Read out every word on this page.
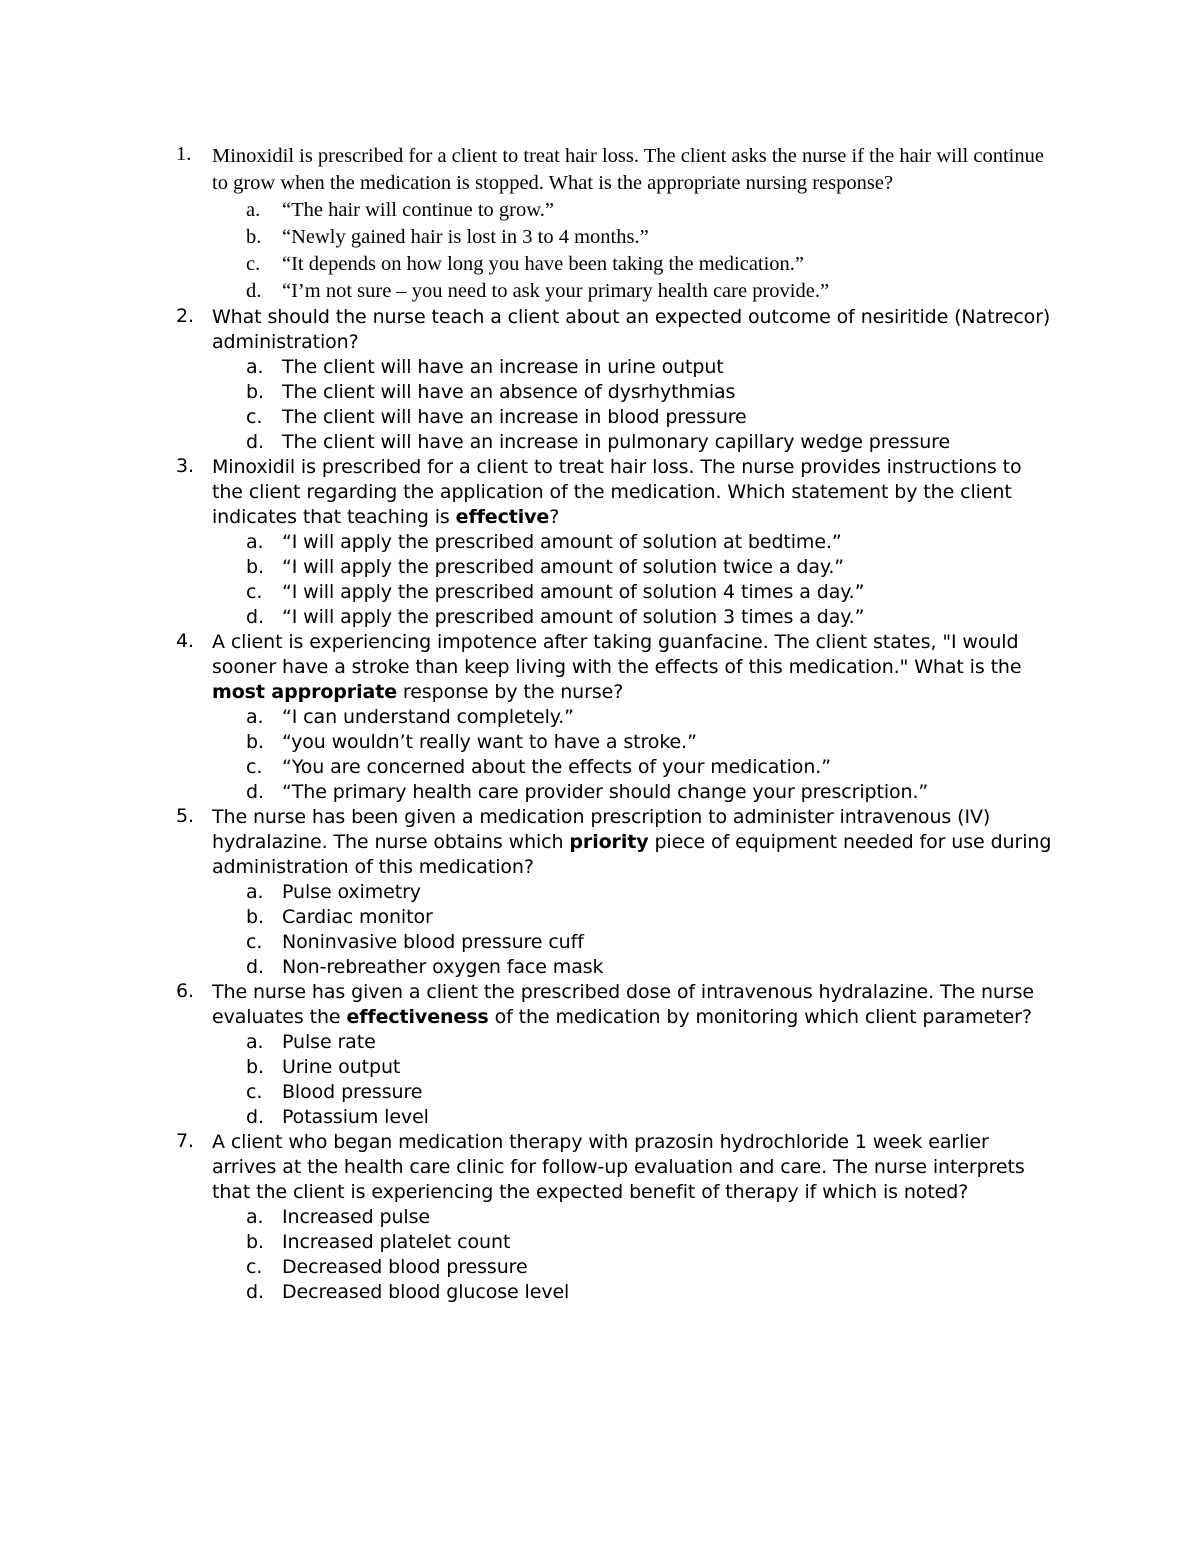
1. Minoxidil is prescribed for a client to treat hair loss. The client asks the nurse if the hair will continue to grow when the medication is stopped. What is the appropriate nursing response?
a. “The hair will continue to grow.”
b. “Newly gained hair is lost in 3 to 4 months.”
c. “It depends on how long you have been taking the medication.”
d. “I’m not sure – you need to ask your primary health care provide.”
2. What should the nurse teach a client about an expected outcome of nesiritide (Natrecor) administration?
a. The client will have an increase in urine output
b. The client will have an absence of dysrhythmias
c. The client will have an increase in blood pressure
d. The client will have an increase in pulmonary capillary wedge pressure
3. Minoxidil is prescribed for a client to treat hair loss. The nurse provides instructions to the client regarding the application of the medication. Which statement by the client indicates that teaching is effective?
a. “I will apply the prescribed amount of solution at bedtime.”
b. “I will apply the prescribed amount of solution twice a day.”
c. “I will apply the prescribed amount of solution 4 times a day.”
d. “I will apply the prescribed amount of solution 3 times a day.”
4. A client is experiencing impotence after taking guanfacine. The client states, "I would sooner have a stroke than keep living with the effects of this medication." What is the most appropriate response by the nurse?
a. “I can understand completely.”
b. “you wouldn’t really want to have a stroke.”
c. “You are concerned about the effects of your medication.”
d. “The primary health care provider should change your prescription.”
5. The nurse has been given a medication prescription to administer intravenous (IV) hydralazine. The nurse obtains which priority piece of equipment needed for use during administration of this medication?
a. Pulse oximetry
b. Cardiac monitor
c. Noninvasive blood pressure cuff
d. Non-rebreather oxygen face mask
6. The nurse has given a client the prescribed dose of intravenous hydralazine. The nurse evaluates the effectiveness of the medication by monitoring which client parameter?
a. Pulse rate
b. Urine output
c. Blood pressure
d. Potassium level
7. A client who began medication therapy with prazosin hydrochloride 1 week earlier arrives at the health care clinic for follow-up evaluation and care. The nurse interprets that the client is experiencing the expected benefit of therapy if which is noted?
a. Increased pulse
b. Increased platelet count
c. Decreased blood pressure
d. Decreased blood glucose level
